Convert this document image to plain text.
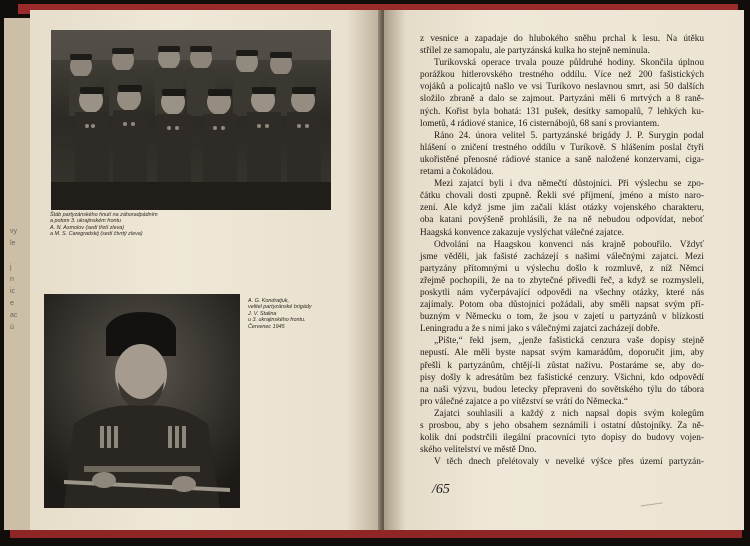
vy
le
j
n
ic
e
ac
ú
Štáb partyzánského hnutí na záhoradpádním
a potom 3. ukrajinském frontu
A. N. Asmolov (sedí třetí zleva)
a M. S. Caregradskij (sedí čtvrtý zleva)
A. G. Kondratjuk,
velitel partyzánské brigády
J. V. Stalina
u 3. ukrajinského frontu.
Červenec 1945
z vesnice a zapadaje do hlubokého sněhu prchal k lesu. Na útěku
střílel ze samopalu, ale partyzánská kulka ho stejně neminula.
Turíkovská operace trvala pouze půldruhé hodiny. Skončila úplnou
porážkou hitlerovského trestného oddílu. Více než 200 fašistických
vojáků a policajtů našlo ve vsi Turíkovo neslavnou smrt, asi 50 dalších
složilo zbraně a dalo se zajmout. Partyzáni měli 6 mrtvých a 8 raně-
ných. Kořist byla bohatá: 131 pušek, desítky samopalů, 7 lehkých ku-
lometů, 4 rádiové stanice, 16 cisternábojů, 68 saní s proviantem.
Ráno 24. února velitel 5. partyzánské brigády J. P. Surygin podal
hlášení o zničení trestného oddílu v Turíkově. S hlášením poslal čtyři
ukořistěné přenosné rádiové stanice a saně naložené konzervami, ciga-
retami a čokoládou.
Mezi zajatci byli i dva němečtí důstojníci. Při výslechu se zpo-
čátku chovali dosti zpupně. Řekli své příjmení, jméno a místo naro-
zení. Ale když jsme jim začali klást otázky vojenského charakteru,
oba katani povýšeně prohlásili, že na ně nebudou odpovídat, neboť
Haagská konvence zakazuje vyslýchat válečné zajatce.
Odvolání na Haagskou konvenci nás krajně pobouřilo. Vždyť
jsme věděli, jak fašisté zacházejí s našimi válečnými zajatci. Mezi
partyzány přítomnými u výslechu došlo k rozmluvě, z níž Němci
zřejmě pochopili, že na to zbytečné přivedli řeč, a když se rozmysleli,
poskytli nám vyčerpávající odpovědi na všechny otázky, které nás
zajímaly. Potom oba důstojníci požádali, aby směli napsat svým pří-
buzným v Německu o tom, že jsou v zajetí u partyzánů v blízkosti
Leningradu a že s nimi jako s válečnými zajatci zacházejí dobře.
„Pište,“ řekl jsem, „jenže fašistická cenzura vaše dopisy stejně
nepustí. Ale měli byste napsat svým kamarádům, doporučit jim, aby
přešli k partyzánům, chtějí-li zůstat naživu. Postaráme se, aby do-
pisy došly k adresátům bez fašistické cenzury. Všichni, kdo odpovědí
na naši výzvu, budou letecky přepraveni do sovětského týlu do tábora
pro válečné zajatce a po vítězství se vrátí do Německa.“
Zajatci souhlasili a každý z nich napsal dopis svým kolegům
s prosbou, aby s jeho obsahem seznámili i ostatní důstojníky. Za ně-
kolik dní podstrčili ilegální pracovníci tyto dopisy do budovy vojen-
ského velitelství ve městě Dno.
V těch dnech přelétovaly v nevelké výšce přes území partyzán-
/65
